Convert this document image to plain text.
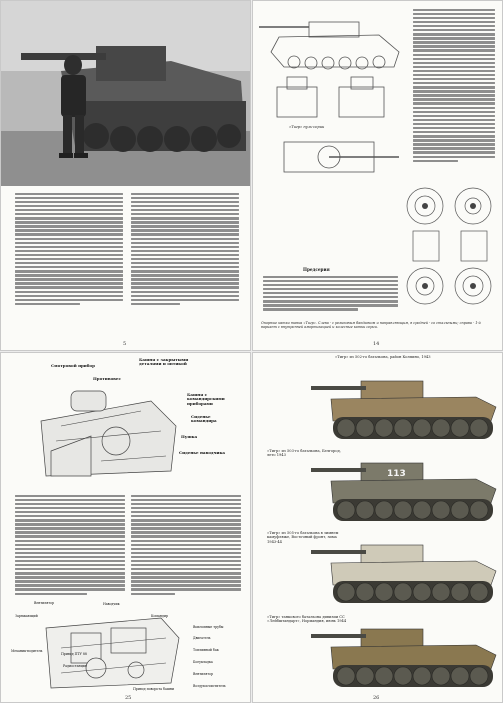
5
«Тигр» нуль-серии
Предсерия
Опорные катки танка «Тигр». Слева - с резиновым бандажом и направляющим, в средней - со стальными; справа - 1-й вариант с внутренней амортизацией и колесные катки серии.
14
Башня с закрытыми деталями и оптикой
Смотровой прибор
Противовес
Башня с командирскими приборами
Сиденье командира
Пушка
Сиденье наводчика
Вентилятор
Заряжающий
Привод ПТУ 88
Механик-водитель
Радиостанция
Наводчик
Командир
Двигатель
Топливный бак
Боеукладка
Вентилятор
Привод поворота башни
Воздухоочиститель
Выхлопные трубы
25
«Тигр» из 502-го батальона, район Колпино, 1943
«Тигр» из 503-го батальона, Белгород, лето 1943
113
«Тигр» из 505-го батальона в зимнем камуфляже, Восточный фронт, зима 1943-44
«Тигр» танкового батальона дивизии СС «Лейбштандарт», Нормандия, июнь 1944
26
